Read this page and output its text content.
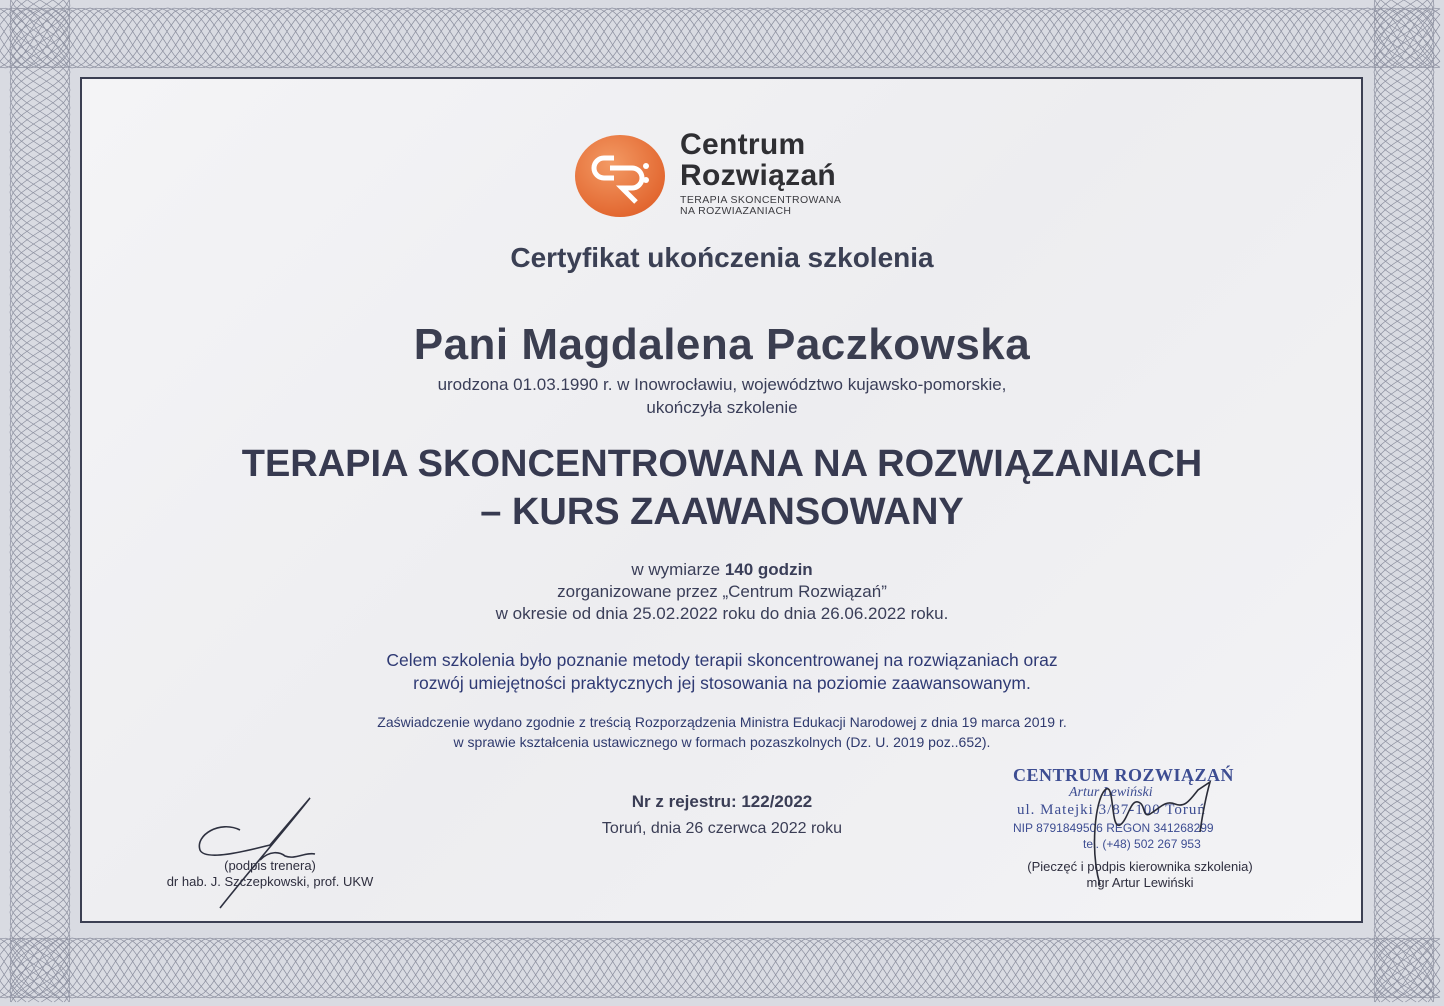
Centrum
Rozwiązań
TERAPIA SKONCENTROWANA
NA ROZWIAZANIACH
Certyfikat ukończenia szkolenia
Pani Magdalena Paczkowska
urodzona 01.03.1990 r. w Inowrocławiu, województwo kujawsko-pomorskie,
ukończyła szkolenie
TERAPIA SKONCENTROWANA NA ROZWIĄZANIACH
– KURS ZAAWANSOWANY
w wymiarze 140 godzin
zorganizowane przez „Centrum Rozwiązań”
w okresie od dnia 25.02.2022 roku do dnia 26.06.2022 roku.
Celem szkolenia było poznanie metody terapii skoncentrowanej na rozwiązaniach oraz
rozwój umiejętności praktycznych jej stosowania na poziomie zaawansowanym.
Zaświadczenie wydano zgodnie z treścią Rozporządzenia Ministra Edukacji Narodowej z dnia 19 marca 2019 r.
w sprawie kształcenia ustawicznego w formach pozaszkolnych (Dz. U. 2019 poz..652).
Nr z rejestru: 122/2022
Toruń, dnia 26 czerwca 2022 roku
(podpis trenera)
dr hab. J. Szczepkowski, prof. UKW
CENTRUM ROZWIĄZAŃ
Artur Lewiński
ul. Matejki 3/87-100 Toruń
NIP 8791849506 REGON 341268299
tel. (+48) 502 267 953
(Pieczęć i podpis kierownika szkolenia)
mgr Artur Lewiński
